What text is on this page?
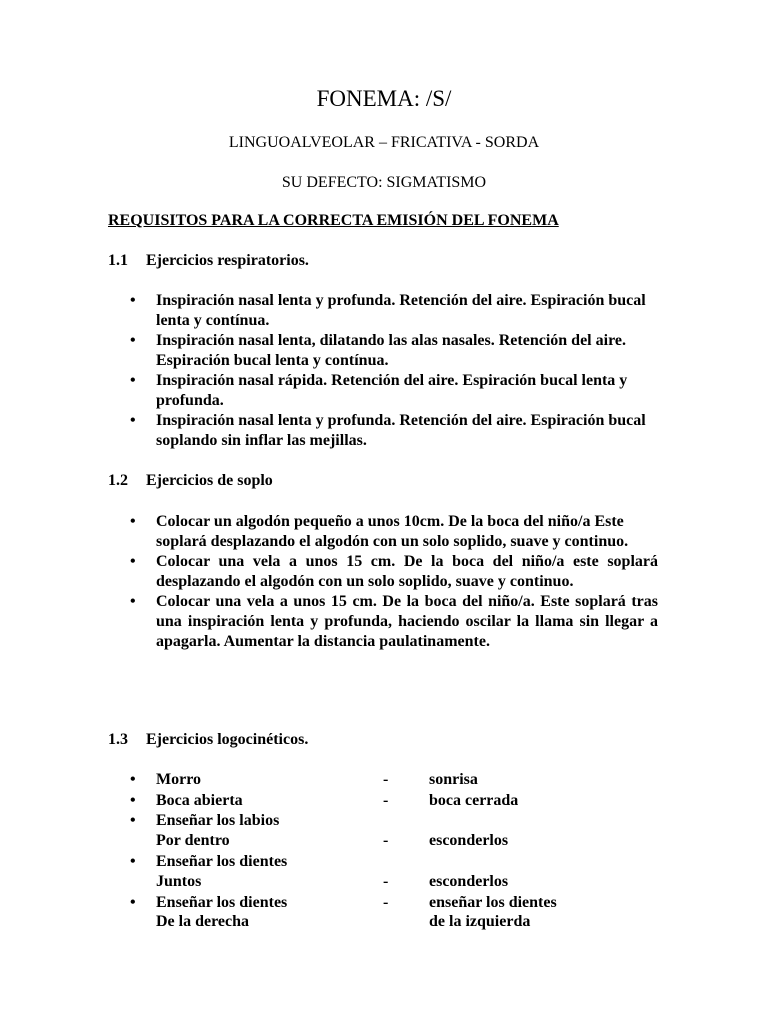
FONEMA: /S/
LINGUOALVEOLAR – FRICATIVA - SORDA
SU DEFECTO: SIGMATISMO
REQUISITOS PARA LA CORRECTA EMISIÓN DEL FONEMA
1.1 Ejercicios respiratorios.
• Inspiración nasal lenta y profunda. Retención del aire. Espiración bucal lenta y contínua.
• Inspiración nasal lenta, dilatando las alas nasales. Retención del aire. Espiración bucal lenta y contínua.
• Inspiración nasal rápida. Retención del aire. Espiración bucal lenta y profunda.
• Inspiración nasal lenta y profunda. Retención del aire. Espiración bucal soplando sin inflar las mejillas.
1.2 Ejercicios de soplo
• Colocar un algodón pequeño a unos 10cm. De la boca del niño/a Este soplará desplazando el algodón con un solo soplido, suave y continuo.
• Colocar una vela a unos 15 cm. De la boca del niño/a este soplará desplazando el algodón con un solo soplido, suave y continuo.
• Colocar una vela a unos 15 cm. De la boca del niño/a. Este soplará tras una inspiración lenta y profunda, haciendo oscilar la llama sin llegar a apagarla. Aumentar la distancia paulatinamente.
1.3 Ejercicios logocinéticos.
• Morro	-	sonrisa
• Boca abierta	-	boca cerrada
• Enseñar los labios
Por dentro	-	esconderlos
• Enseñar los dientes
Juntos	-	esconderlos
• Enseñar los dientes	-	enseñar los dientes
De la derecha	de la izquierda
